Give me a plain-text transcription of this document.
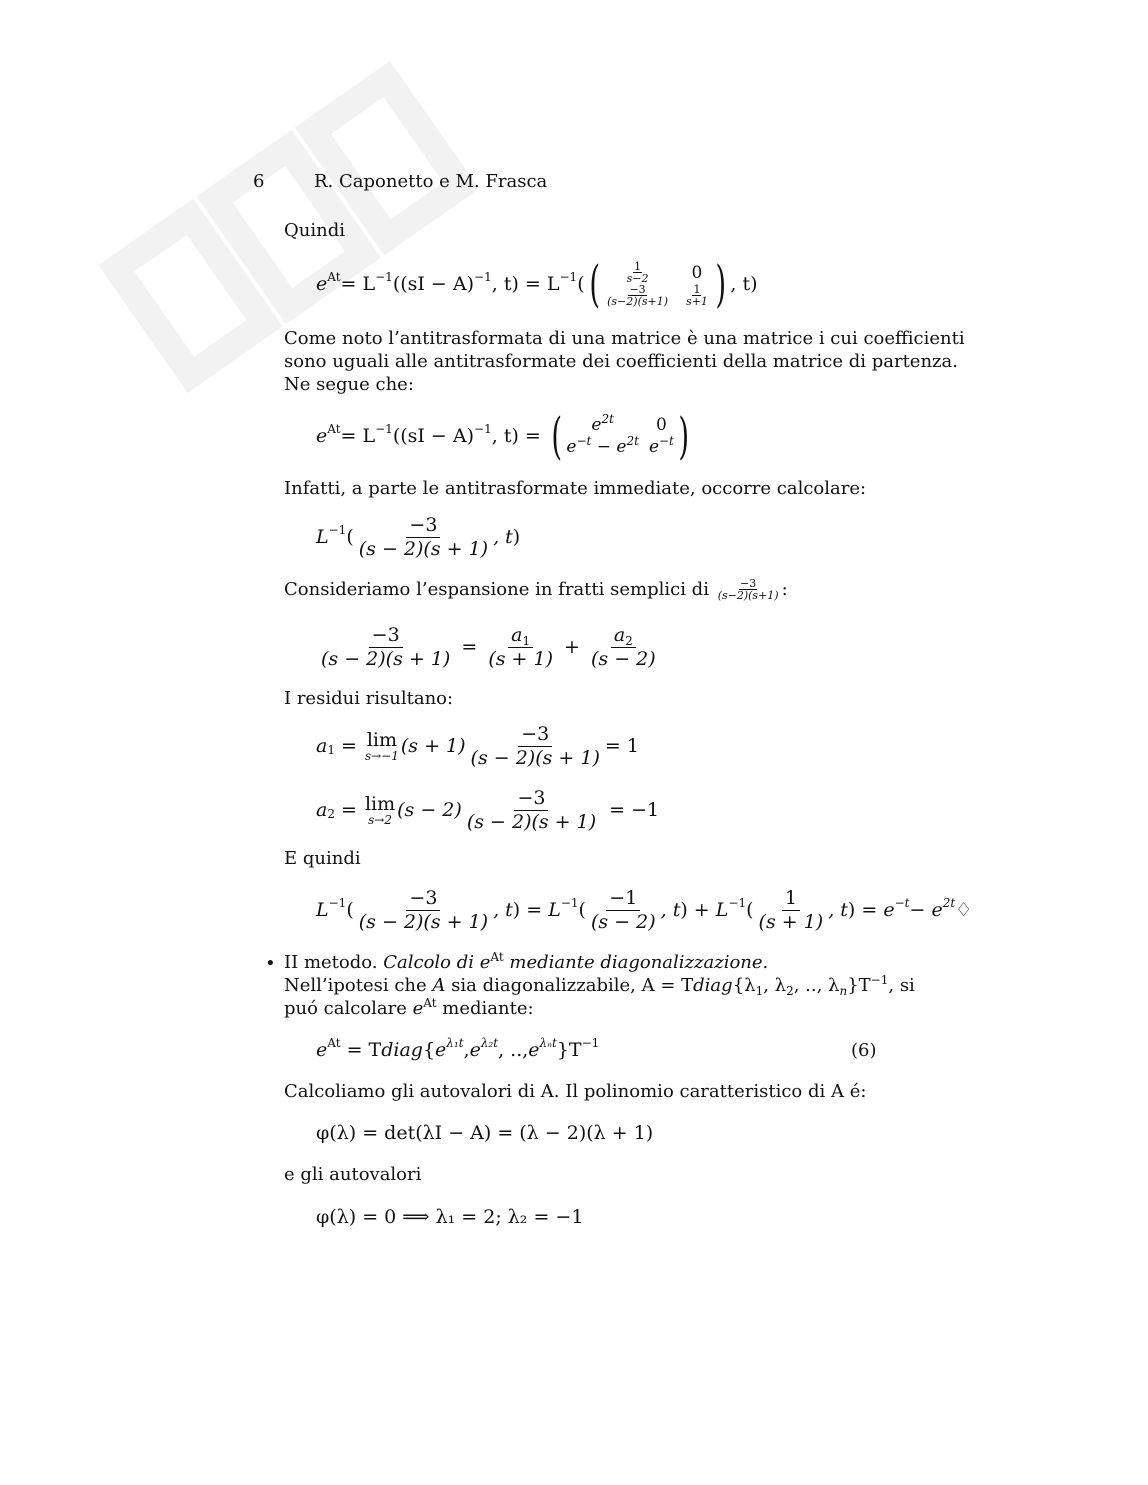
6	R. Caponetto e M. Frasca
Quindi
$e^{At} = L^{-1}$ ((sI − A)$^{-1}$ , $t) = L^{-1}$ ( ( $\frac{1}{s-2} 0$
$\frac{-3}{(s-2)(s+1)} \frac{1}{s+1}$ ) , t)
Come noto l’antitrasformata di una matrice è una matrice i cui coefficienti
sono uguali alle antitrasformate dei coefficienti della matrice di partenza.
Ne segue che:
$e^{At} = L^{-1}$ ((sI − A)$^{-1}$ , t) = ( $e^{2t}$ 0
$e^{-t} - e^{2t}$ $e^{-t}$ )
Infatti, a parte le antitrasformate immediate, occorre calcolare:
$L^{-1}$ ( $\frac{-3}{(s - 2)(s + 1)}$ , t )
Consideriamo l’espansione in fratti semplici di
$\frac{-3}{(s-2)(s+1)}$ :
$\frac{-3}{(s - 2)(s + 1)} = \frac{a_1}{(s + 1)} + \frac{a_2}{(s - 2)}$
I residui risultano:
$a_1 = \lim$
s→−1 $(s + 1) \frac{-3}{(s - 2)(s + 1)} = 1$
$a_2 = \lim$
s→2 $(s - 2) \frac{-3}{(s - 2)(s + 1)} = -1$
E quindi
$L^{-1}$ ( $\frac{-3}{(s - 2)(s + 1)}$ , t ) = $L^{-1}$ ( $\frac{-1}{(s - 2)}$ , t ) + $L^{-1}$ ( $\frac{1}{(s + 1)}$ , t ) = $e^{-t} - e^{2t}$ ♢
• II metodo. Calcolo di $e^{At}$ mediante diagonalizzazione.
Nell’ipotesi che A sia diagonalizzabile, $A = Tdiag\{\lambda_1$, $\lambda_2$, .., $\lambda_n\}T^{-1}$, si
puó calcolare $e^{At}$ mediante:
$e^{At} = T$ diag { $e^{\lambda_1t}$ , $e^{\lambda_2t}$ , .., $e^{\lambda_nt}$ }$T^{-1}$	(6)
Calcoliamo gli autovalori di A. Il polinomio caratteristico di A é:
φ(λ) = det(λI − A) = (λ − 2)(λ + 1)
e gli autovalori
φ(λ) = 0 ⟹ λ₁ = 2; λ₂ = −1
